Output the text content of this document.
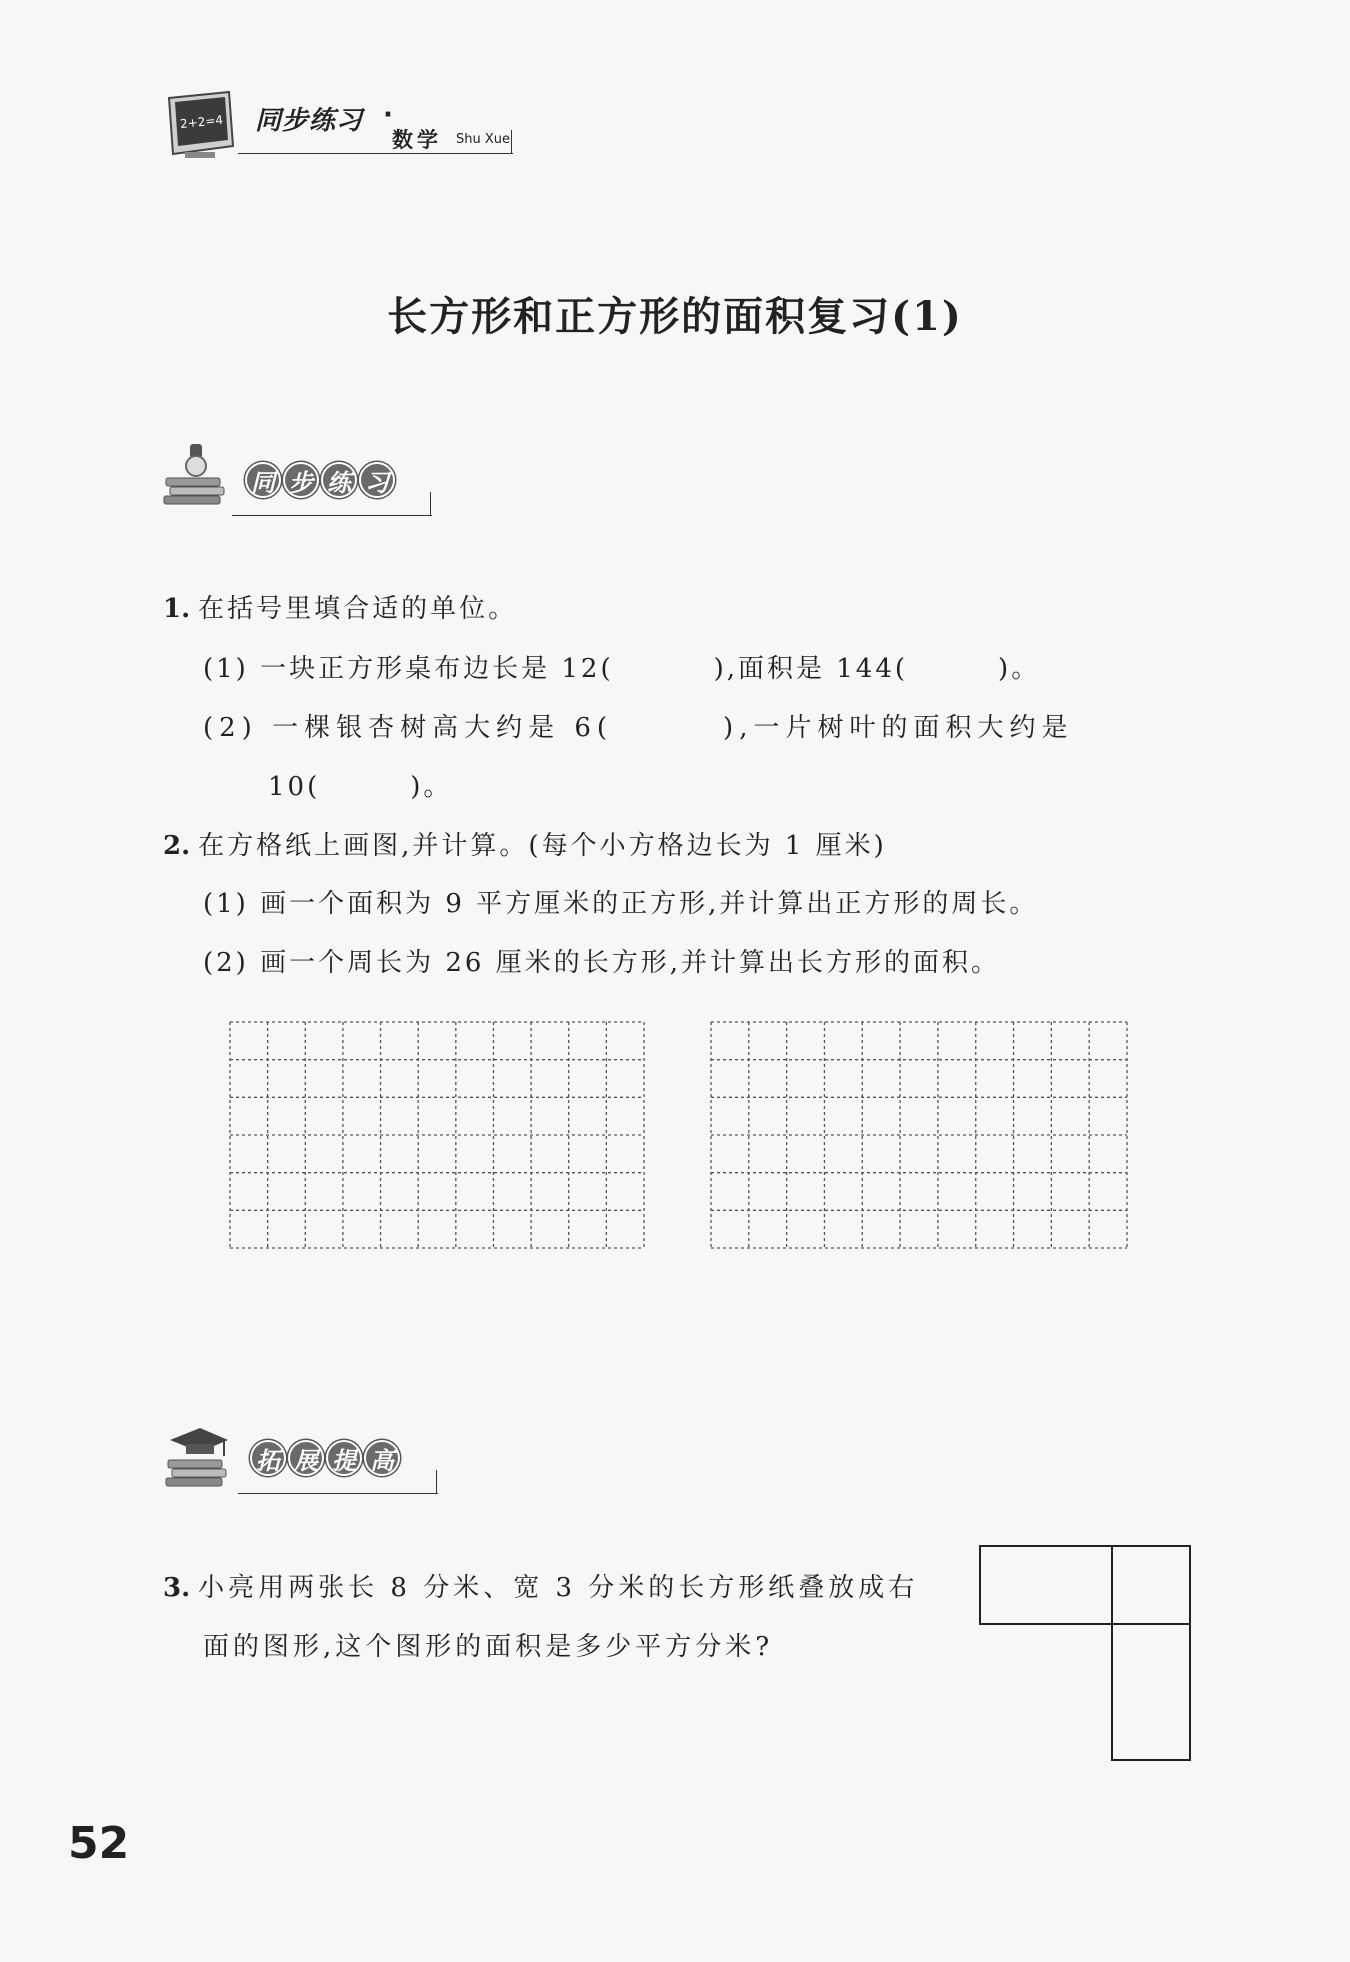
2+2=4 同步练习 ·
数学 Shu Xue
长方形和正方形的面积复习(1)
同 步 练 习
1. 在括号里填合适的单位。
(1) 一块正方形桌布边长是 12(	),面积是 144(	)。
(2) 一棵银杏树高大约是 6(	),一片树叶的面积大约是
10(	)。
2. 在方格纸上画图,并计算。(每个小方格边长为 1 厘米)
(1) 画一个面积为 9 平方厘米的正方形,并计算出正方形的周长。
(2) 画一个周长为 26 厘米的长方形,并计算出长方形的面积。
拓 展 提 高
3. 小亮用两张长 8 分米、宽 3 分米的长方形纸叠放成右
面的图形,这个图形的面积是多少平方分米?
52
